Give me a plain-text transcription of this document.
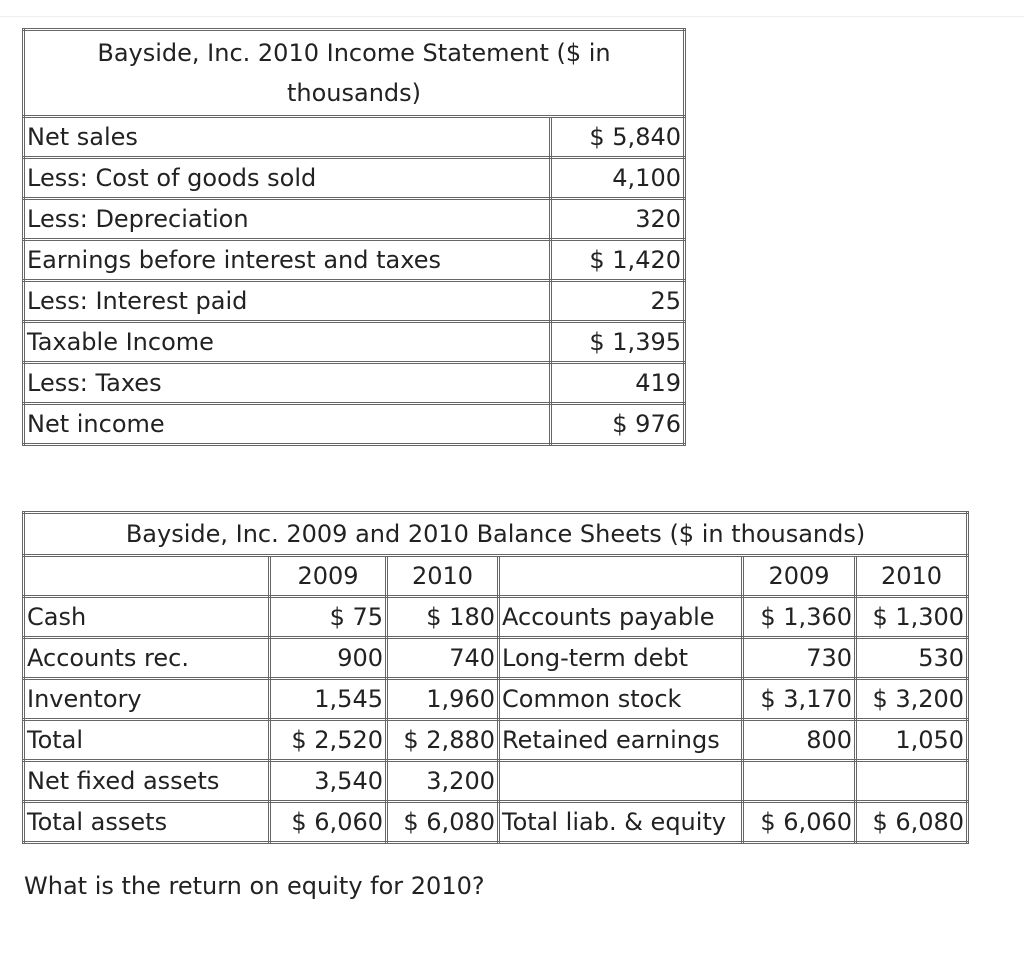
Bayside, Inc. 2010 Income Statement ($ in thousands)	
Net sales	$ 5,840
Less: Cost of goods sold	4,100
Less: Depreciation	320
Earnings before interest and taxes	$ 1,420
Less: Interest paid	25
Taxable Income	$ 1,395
Less: Taxes	419
Net income	$ 976
Bayside, Inc. 2009 and 2010 Balance Sheets ($ in thousands)					
	2009	2010		2009	2010
Cash	$ 75	$ 180	Accounts payable	$ 1,360	$ 1,300
Accounts rec.	900	740	Long-term debt	730	530
Inventory	1,545	1,960	Common stock	$ 3,170	$ 3,200
Total	$ 2,520	$ 2,880	Retained earnings	800	1,050
Net fixed assets	3,540	3,200			
Total assets	$ 6,060	$ 6,080	Total liab. & equity	$ 6,060	$ 6,080
What is the return on equity for 2010?
